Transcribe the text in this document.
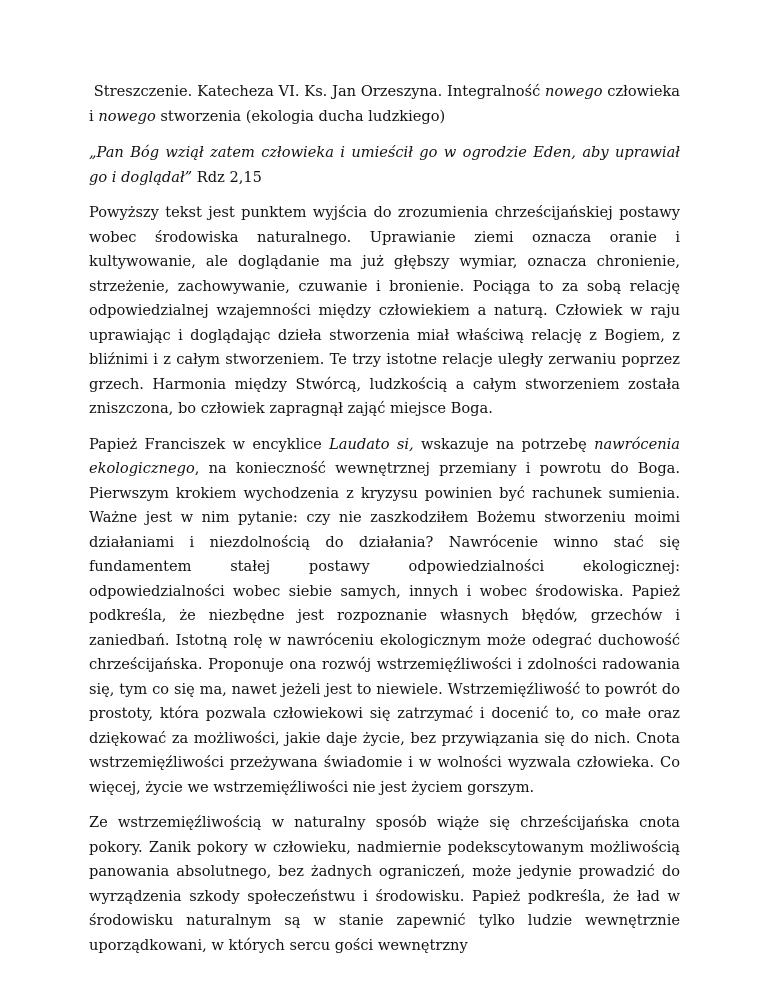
Streszczenie. Katecheza VI. Ks. Jan Orzeszyna. Integralność nowego człowieka i nowego stworzenia (ekologia ducha ludzkiego)

„Pan Bóg wziął zatem człowieka i umieścił go w ogrodzie Eden, aby uprawiał go i doglądał” Rdz 2,15

Powyższy tekst jest punktem wyjścia do zrozumienia chrześcijańskiej postawy wobec środowiska naturalnego. Uprawianie ziemi oznacza oranie i kultywowanie, ale doglądanie ma już głębszy wymiar, oznacza chronienie, strzeżenie, zachowywanie, czuwanie i bronienie. Pociąga to za sobą relację odpowiedzialnej wzajemności między człowiekiem a naturą. Człowiek w raju uprawiając i doglądając dzieła stworzenia miał właściwą relację z Bogiem, z bliźnimi i z całym stworzeniem. Te trzy istotne relacje uległy zerwaniu poprzez grzech. Harmonia między Stwórcą, ludzkością a całym stworzeniem została zniszczona, bo człowiek zapragnął zająć miejsce Boga.

Papież Franciszek w encyklice Laudato si, wskazuje na potrzebę nawrócenia ekologicznego, na konieczność wewnętrznej przemiany i powrotu do Boga. Pierwszym krokiem wychodzenia z kryzysu powinien być rachunek sumienia. Ważne jest w nim pytanie: czy nie zaszkodziłem Bożemu stworzeniu moimi działaniami i niezdolnością do działania? Nawrócenie winno stać się fundamentem stałej postawy odpowiedzialności ekologicznej: odpowiedzialności wobec siebie samych, innych i wobec środowiska. Papież podkreśla, że niezbędne jest rozpoznanie własnych błędów, grzechów i zaniedbań. Istotną rolę w nawróceniu ekologicznym może odegrać duchowość chrześcijańska. Proponuje ona rozwój wstrzemięźliwości i zdolności radowania się, tym co się ma, nawet jeżeli jest to niewiele. Wstrzemięźliwość to powrót do prostoty, która pozwala człowiekowi się zatrzymać i docenić to, co małe oraz dziękować za możliwości, jakie daje życie, bez przywiązania się do nich. Cnota wstrzemięźliwości przeżywana świadomie i w wolności wyzwala człowieka. Co więcej, życie we wstrzemięźliwości nie jest życiem gorszym.

Ze wstrzemięźliwością w naturalny sposób wiąże się chrześcijańska cnota pokory. Zanik pokory w człowieku, nadmiernie podekscytowanym możliwością panowania absolutnego, bez żadnych ograniczeń, może jedynie prowadzić do wyrządzenia szkody społeczeństwu i środowisku. Papież podkreśla, że ład w środowisku naturalnym są w stanie zapewnić tylko ludzie wewnętrznie uporządkowani, w których sercu gości wewnętrzny
